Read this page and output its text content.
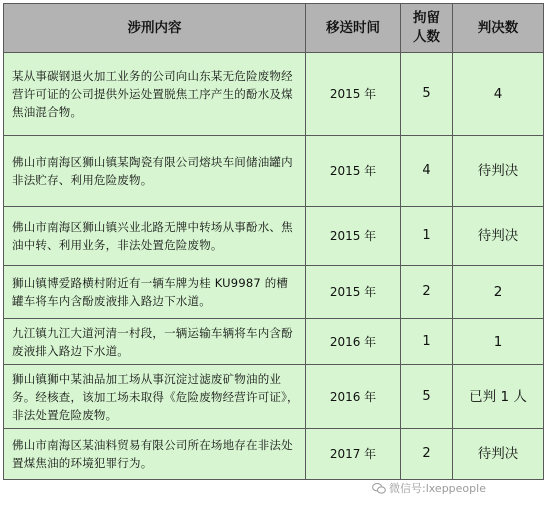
涉刑内容	移送时间	拘留人数	判决数
某从事碳钢退火加工业务的公司向山东某无危险废物经营许可证的公司提供外运处置脱焦工序产生的酚水及煤焦油混合物。	2015 年	5	4
佛山市南海区狮山镇某陶瓷有限公司熔块车间储油罐内非法贮存、利用危险废物。	2015 年	4	待判决
佛山市南海区狮山镇兴业北路无牌中转场从事酚水、焦油中转、利用业务，非法处置危险废物。	2015 年	1	待判决
狮山镇博爱路横村附近有一辆车牌为桂 KU9987 的槽罐车将车内含酚废液排入路边下水道。	2015 年	2	2
九江镇九江大道河清一村段，一辆运输车辆将车内含酚废液排入路边下水道。	2016 年	1	1
狮山镇狮中某油品加工场从事沉淀过滤废矿物油的业务。经核查，该加工场未取得《危险废物经营许可证》，非法处置危险废物。	2016 年	5	已判 1 人
佛山市南海区某油料贸易有限公司所在场地存在非法处置煤焦油的环境犯罪行为。	2017 年	2	待判决
微信号:lxeppeople
